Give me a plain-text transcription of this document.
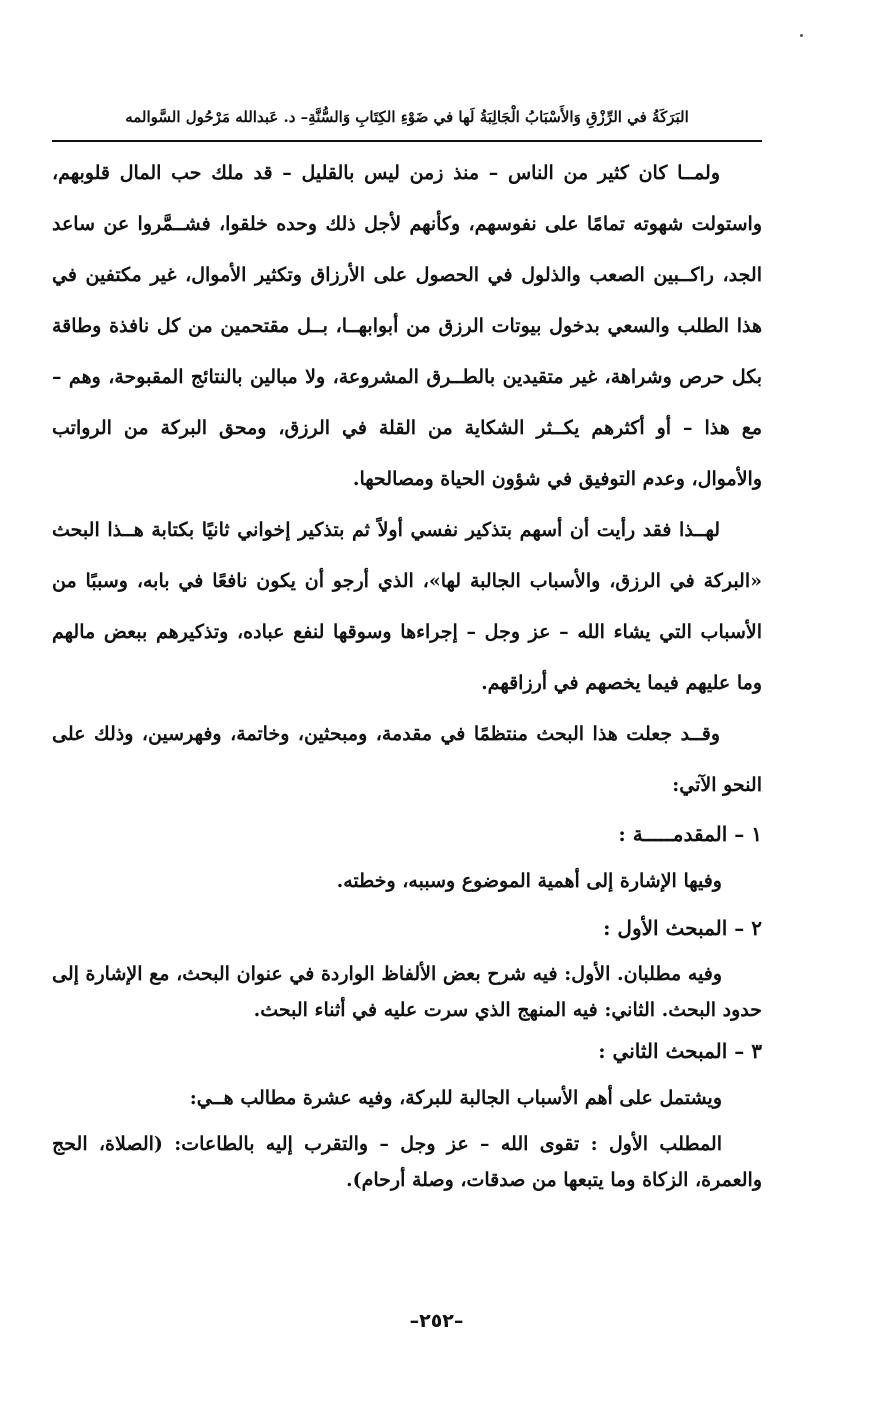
البَرَكَةُ في الرِّزْقِ وَالأَسْبَابُ الْجَالِبَةُ لَها في ضَوْءِ الكِتَابِ وَالسُّنَّةِ– د. عَبدالله مَرْحُول السَّوالمه

ولمــا كان كثير من الناس – منذ زمن ليس بالقليل – قد ملك حب المال قلوبهم، واستولت شهوته تمامًا على نفوسهم، وكأنهم لأجل ذلك وحده خلقوا، فشــمَّروا عن ساعد الجد، راكــبين الصعب والذلول في الحصول على الأرزاق وتكثير الأموال، غير مكتفين في هذا الطلب والسعي بدخول بيوتات الرزق من أبوابهــا، بــل مقتحمين من كل نافذة وطاقة بكل حرص وشراهة، غير متقيدين بالطــرق المشروعة، ولا مبالين بالنتائج المقبوحة، وهم – مع هذا – أو أكثرهم يكــثر الشكاية من القلة في الرزق، ومحق البركة من الرواتب والأموال، وعدم التوفيق في شؤون الحياة ومصالحها.

لهــذا فقد رأيت أن أسهم بتذكير نفسي أولاً ثم بتذكير إخواني ثانيًا بكتابة هــذا البحث «البركة في الرزق، والأسباب الجالبة لها»، الذي أرجو أن يكون نافعًا في بابه، وسببًا من الأسباب التي يشاء الله – عز وجل – إجراءها وسوقها لنفع عباده، وتذكيرهم ببعض مالهم وما عليهم فيما يخصهم في أرزاقهم.

وقــد جعلت هذا البحث منتظمًا في مقدمة، ومبحثين، وخاتمة، وفهرسين، وذلك على النحو الآتي:

١ – المقدمـــــة :

وفيها الإشارة إلى أهمية الموضوع وسببه، وخطته.

٢ – المبحث الأول :

وفيه مطلبان. الأول: فيه شرح بعض الألفاظ الواردة في عنوان البحث، مع الإشارة إلى حدود البحث. الثاني: فيه المنهج الذي سرت عليه في أثناء البحث.

٣ – المبحث الثاني :

ويشتمل على أهم الأسباب الجالبة للبركة، وفيه عشرة مطالب هــي:

المطلب الأول : تقوى الله – عز وجل – والتقرب إليه بالطاعات: (الصلاة، الحج والعمرة، الزكاة وما يتبعها من صدقات، وصلة أرحام).

–٢٥٢–
